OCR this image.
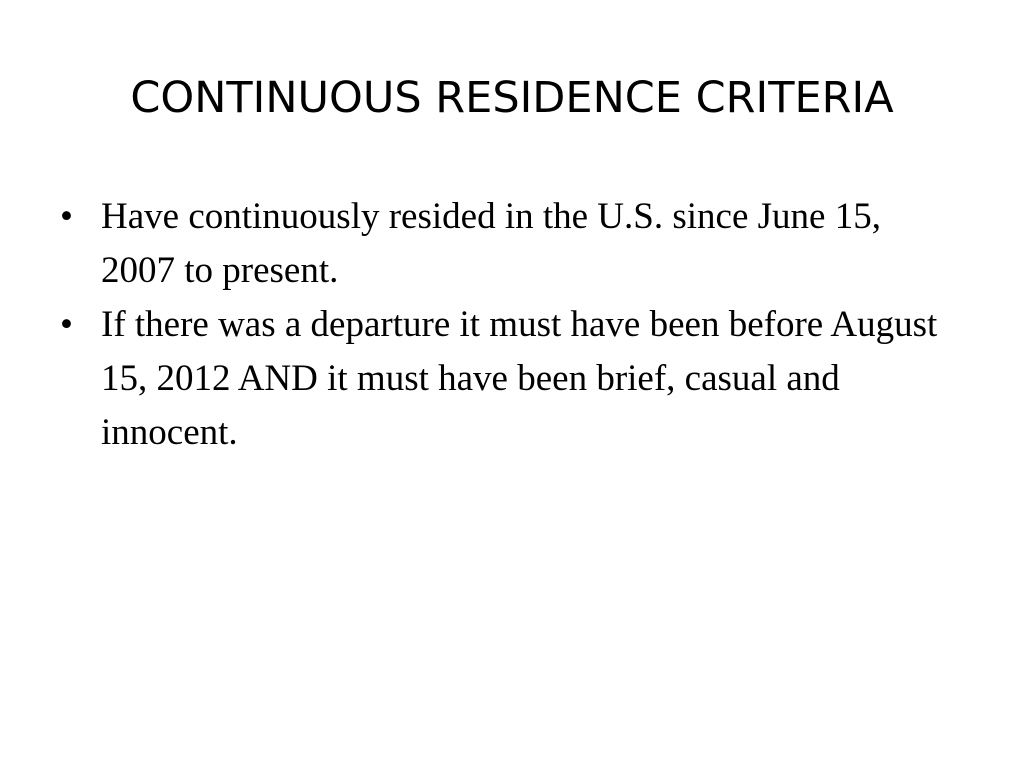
CONTINUOUS RESIDENCE CRITERIA
• Have continuously resided in the U.S. since June 15, 2007 to present.
• If there was a departure it must have been before August 15, 2012 AND it must have been brief, casual and innocent.
